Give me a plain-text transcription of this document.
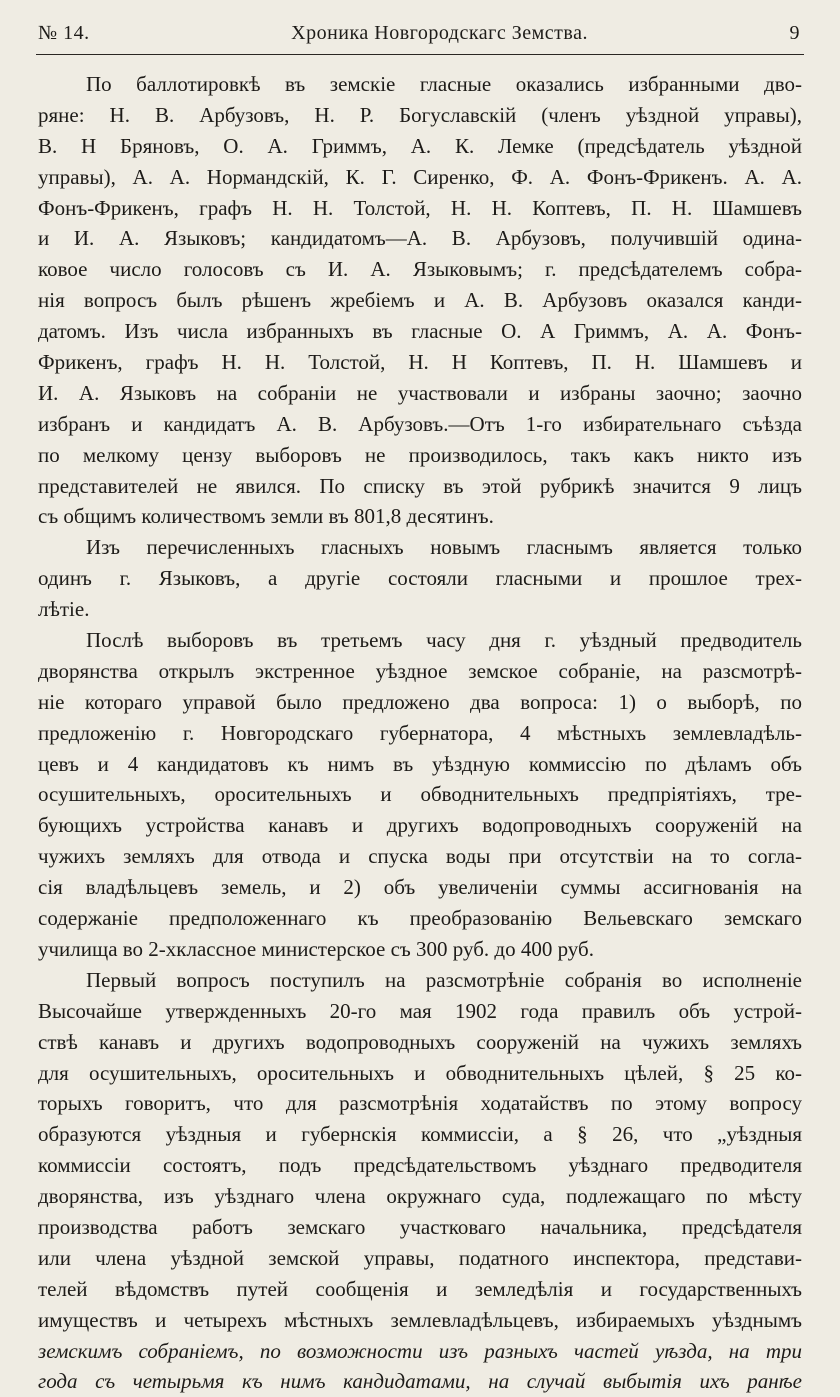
№ 14.	Хроника Новгородскагс Земства.	9
По баллотировкѣ въ земскіе гласные оказались избранными дво-
ряне: Н. В. Арбузовъ, Н. Р. Богуславскій (членъ уѣздной управы),
В. Н Бряновъ, О. А. Гриммъ, А. К. Лемке (предсѣдатель уѣздной
управы), А. А. Нормандскій, К. Г. Сиренко, Ф. А. Фонъ-Фрикенъ. А. А.
Фонъ-Фрикенъ, графъ Н. Н. Толстой, Н. Н. Коптевъ, П. Н. Шамшевъ
и И. А. Языковъ; кандидатомъ—А. В. Арбузовъ, получившій одина-
ковое число голосовъ съ И. А. Языковымъ; г. предсѣдателемъ собра-
нія вопросъ былъ рѣшенъ жребіемъ и А. В. Арбузовъ оказался канди-
датомъ. Изъ числа избранныхъ въ гласные О. А Гриммъ, А. А. Фонъ-
Фрикенъ, графъ Н. Н. Толстой, Н. Н Коптевъ, П. Н. Шамшевъ и
И. А. Языковъ на собраніи не участвовали и избраны заочно; заочно
избранъ и кандидатъ А. В. Арбузовъ.—Отъ 1-го избирательнаго съѣзда
по мелкому цензу выборовъ не производилось, такъ какъ никто изъ
представителей не явился. По списку въ этой рубрикѣ значится 9 лицъ
съ общимъ количествомъ земли въ 801,8 десятинъ.
Изъ перечисленныхъ гласныхъ новымъ гласнымъ является только
одинъ г. Языковъ, а другіе состояли гласными и прошлое трех-
лѣтіе.
Послѣ выборовъ въ третьемъ часу дня г. уѣздный предводитель
дворянства открылъ экстренное уѣздное земское собраніе, на разсмотрѣ-
ніе котораго управой было предложено два вопроса: 1) о выборѣ, по
предложенію г. Новгородскаго губернатора, 4 мѣстныхъ землевладѣль-
цевъ и 4 кандидатовъ къ нимъ въ уѣздную коммиссію по дѣламъ объ
осушительныхъ, оросительныхъ и обводнительныхъ предпріятіяхъ, тре-
бующихъ устройства канавъ и другихъ водопроводныхъ сооруженій на
чужихъ земляхъ для отвода и спуска воды при отсутствіи на то согла-
сія владѣльцевъ земель, и 2) объ увеличеніи суммы ассигнованія на
содержаніе предположеннаго къ преобразованію Вельевскаго земскаго
училища во 2-хклассное министерское съ 300 руб. до 400 руб.
Первый вопросъ поступилъ на разсмотрѣніе собранія во исполненіе
Высочайше утвержденныхъ 20-го мая 1902 года правилъ объ устрой-
ствѣ канавъ и другихъ водопроводныхъ сооруженій на чужихъ земляхъ
для осушительныхъ, оросительныхъ и обводнительныхъ цѣлей, § 25 ко-
торыхъ говоритъ, что для разсмотрѣнія ходатайствъ по этому вопросу
образуются уѣздныя и губернскія коммиссіи, а § 26, что „уѣздныя
коммиссіи состоятъ, подъ предсѣдательствомъ уѣзднаго предводителя
дворянства, изъ уѣзднаго члена окружнаго суда, подлежащаго по мѣсту
производства работъ земскаго участковаго начальника, предсѣдателя
или члена уѣздной земской управы, податного инспектора, представи-
телей вѣдомствъ путей сообщенія и земледѣлія и государственныхъ
имуществъ и четырехъ мѣстныхъ землевладѣльцевъ, избираемыхъ уѣзднымъ
земскимъ собраніемъ, по возможности изъ разныхъ частей уѣзда, на три
года съ четырьмя къ нимъ кандидатами, на случай выбытія ихъ ранѣе
